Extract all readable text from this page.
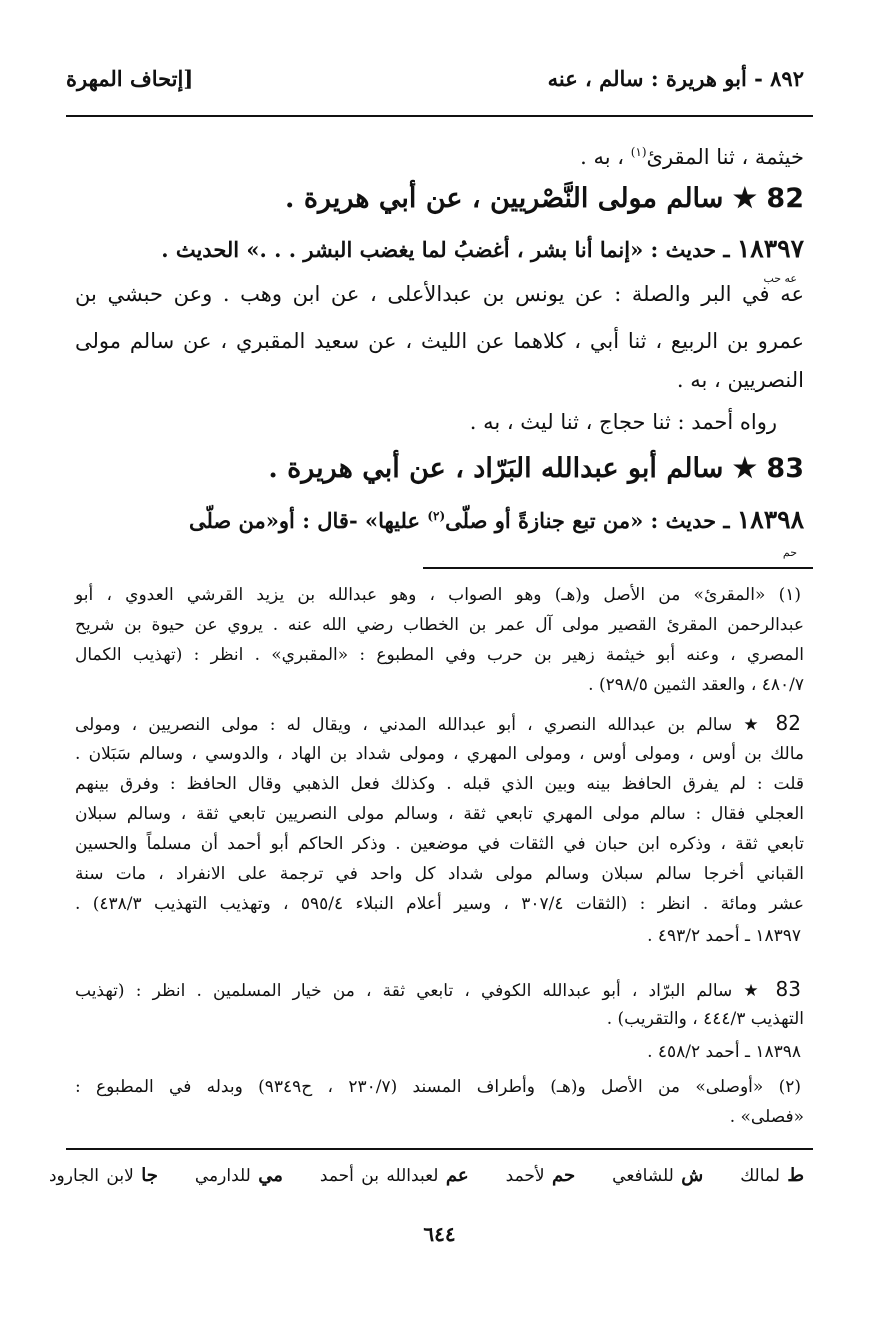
٨٩٢ - أبو هريرة : سالم ، عنه
[إتحاف المهرة
خيثمة ، ثنا المقرئ$^{(١)}$ ، به .
82 ★ سالم مولى النَّصْريين ، عن أبي هريرة .
١٨٣٩٧ ـ حديث : «إنما أنا بشر ، أغضبُ لما يغضب البشر . . .» الحديث .
عه حب
عه في البر والصلة : عن يونس بن عبدالأعلى ، عن ابن وهب . وعن حبشي بن
عمرو بن الربيع ، ثنا أبي ، كلاهما عن الليث ، عن سعيد المقبري ، عن سالم مولى
النصريين ، به .
رواه أحمد : ثنا حجاج ، ثنا ليث ، به .
83 ★ سالم أبو عبدالله البَرّاد ، عن أبي هريرة .
١٨٣٩٨ ـ حديث : «من تبع جنازةً أو صلّى$^{(٢)}$ عليها» -قال : أو«من صلّى
حم
(١) «المقرئ» من الأصل و(هـ) وهو الصواب ، وهو عبدالله بن يزيد القرشي العدوي ، أبو
عبدالرحمن المقرئ القصير مولى آل عمر بن الخطاب رضي الله عنه . يروي عن حيوة بن شريح
المصري ، وعنه أبو خيثمة زهير بن حرب وفي المطبوع : «المقبري» . انظر : (تهذيب الكمال
٤٨٠/٧ ، والعقد الثمين ٢٩٨/٥) .
82 ★ سالم بن عبدالله النصري ، أبو عبدالله المدني ، ويقال له : مولى النصريين ، ومولى
مالك بن أوس ، ومولى أوس ، ومولى المهري ، ومولى شداد بن الهاد ، والدوسي ، وسالم سَبَلان .
قلت : لم يفرق الحافظ بينه وبين الذي قبله . وكذلك فعل الذهبي وقال الحافظ : وفرق بينهم
العجلي فقال : سالم مولى المهري تابعي ثقة ، وسالم مولى النصريين تابعي ثقة ، وسالم سبلان
تابعي ثقة ، وذكره ابن حبان في الثقات في موضعين . وذكر الحاكم أبو أحمد أن مسلماً والحسين
القباني أخرجا سالم سبلان وسالم مولى شداد كل واحد في ترجمة على الانفراد ، مات سنة
عشر ومائة . انظر : (الثقات ٣٠٧/٤ ، وسير أعلام النبلاء ٥٩٥/٤ ، وتهذيب التهذيب ٤٣٨/٣) .
١٨٣٩٧ ـ أحمد ٤٩٣/٢ .
83 ★ سالم البرّاد ، أبو عبدالله الكوفي ، تابعي ثقة ، من خيار المسلمين . انظر : (تهذيب
التهذيب ٤٤٤/٣ ، والتقريب) .
١٨٣٩٨ ـ أحمد ٤٥٨/٢ .
(٢) «أوصلى» من الأصل و(هـ) وأطراف المسند (٢٣٠/٧ ، ح٩٣٤٩) وبدله في المطبوع :
«فصلى» .
ط لمالك     ش للشافعي     حم لأحمد     عم لعبدالله بن أحمد     مي للدارمي     جا لابن الجارود
٦٤٤
